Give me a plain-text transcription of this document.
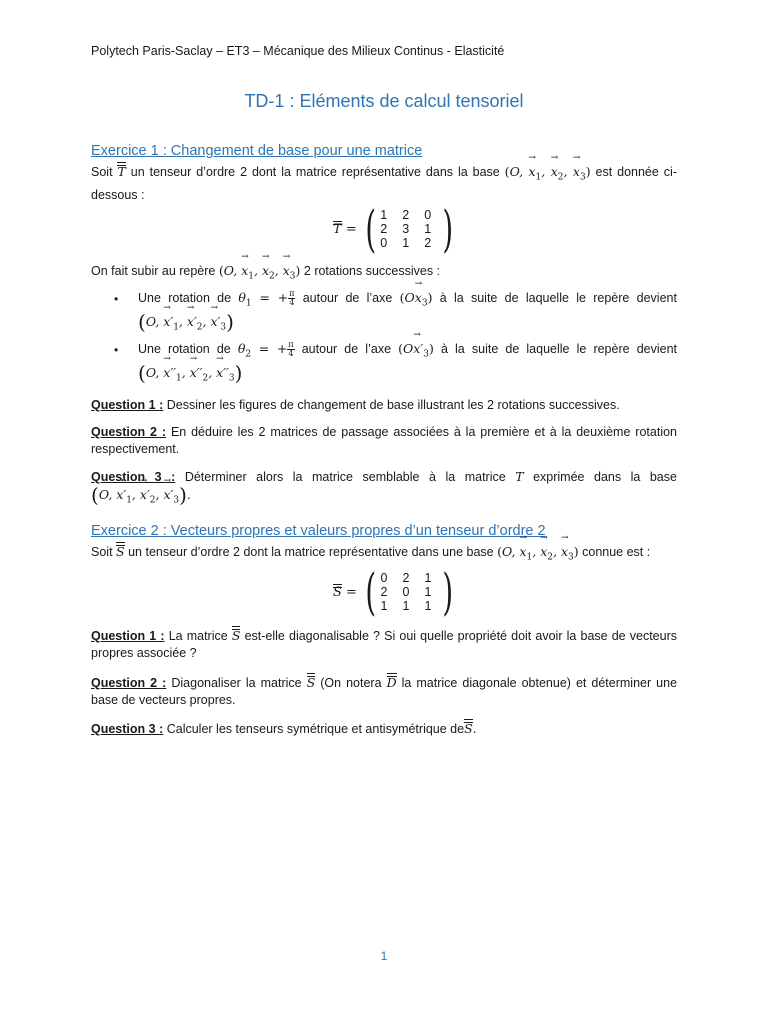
Polytech Paris-Saclay – ET3 – Mécanique des Milieux Continus - Elasticité
TD-1 : Eléments de calcul tensoriel
Exercice 1 : Changement de base pour une matrice
Soit T un tenseur d’ordre 2 dont la matrice représentative dans la base (O, → $x_1$, → $x_2$, → $x_3$) est donnée ci-dessous :
T = ( 1	2	0
2	3	1
0	1	2 )
On fait subir au repère (O, → $x_1$, → $x_2$, → $x_3$) 2 rotations successives :
• Une rotation de $\theta_1$ = + $\frac{\pi}{4}$ autour de l’axe $(O\to x_3)$ à la suite de laquelle le repère devient (O, → $x'_1$, → $x'_2$, → $x'_3$)
• Une rotation de $\theta_2$ = + $\frac{\pi}{4}$ autour de l’axe $(O\to x'_3)$ à la suite de laquelle le repère devient (O, → $x''_1$, → $x''_2$, → $x''_3$)
Question 1 : Dessiner les figures de changement de base illustrant les 2 rotations successives.
Question 2 : En déduire les 2 matrices de passage associées à la première et à la deuxième rotation respectivement.
Question 3 : Déterminer alors la matrice semblable à la matrice T exprimée dans la base (O, → $x'_1$, → $x'_2$, → $x'_3$).
Exercice 2 : Vecteurs propres et valeurs propres d’un tenseur d’ordre 2
Soit S un tenseur d’ordre 2 dont la matrice représentative dans une base (O, → $x_1$, → $x_2$, → $x_3$) connue est :
S = ( 0	2	1
2	0	1
1	1	1 )
Question 1 : La matrice S est-elle diagonalisable ? Si oui quelle propriété doit avoir la base de vecteurs propres associée ?
Question 2 : Diagonaliser la matrice S (On notera D la matrice diagonale obtenue) et déterminer une base de vecteurs propres.
Question 3 : Calculer les tenseurs symétrique et antisymétrique deS.
1
